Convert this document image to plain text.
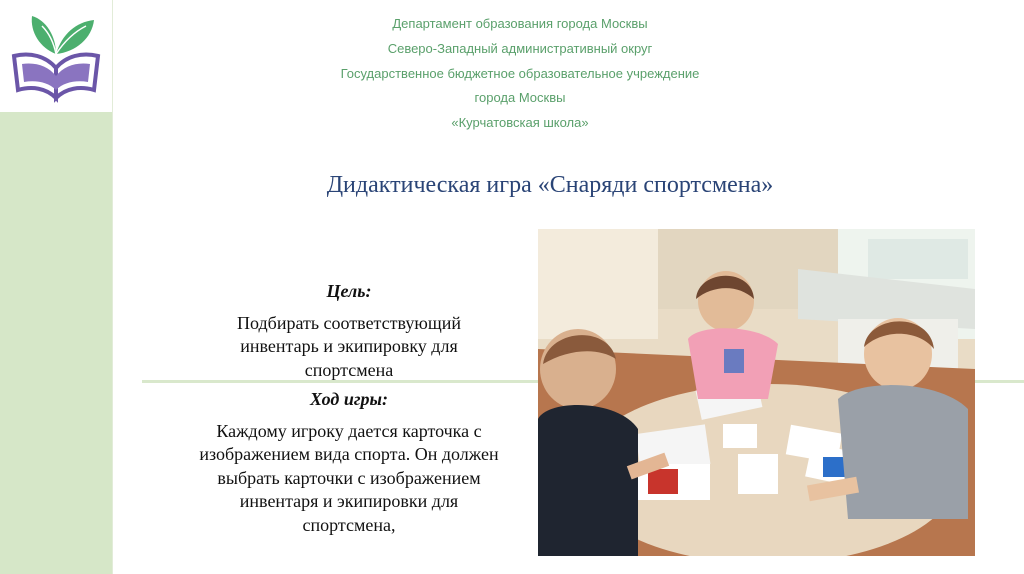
Департамент образования города Москвы
Северо-Западный административный округ
Государственное бюджетное образовательное учреждение
города Москвы
«Курчатовская школа»
Дидактическая игра «Снаряди спортсмена»
Цель:
Подбирать соответствующий инвентарь и экипировку для спортсмена
Ход игры:
Каждому игроку дается карточка с изображением вида спорта. Он должен выбрать карточки с изображением инвентаря и экипировки для спортсмена,
